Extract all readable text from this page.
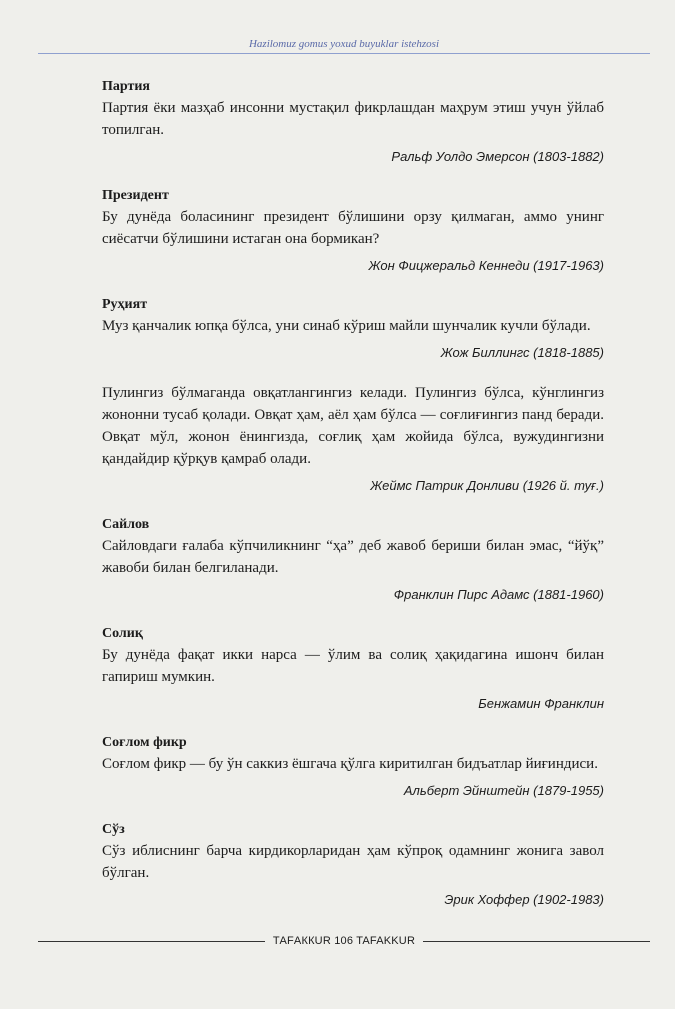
Hazilomuz gomus yoxud buyuklar istehzosi

Партия

Партия ёки мазҳаб инсонни мустақил фикрлашдан маҳрум этиш учун ўйлаб топилган.

Ральф Уолдо Эмерсон (1803-1882)

Президент

Бу дунёда боласининг президент бўлишини орзу қилмаган, аммо унинг сиёсатчи бўлишини истаган она бормикан?

Жон Фицжеральд Кеннеди (1917-1963)

Руҳият

Муз қанчалик юпқа бўлса, уни синаб кўриш майли шунчалик кучли бўлади.

Жож Биллингс (1818-1885)

Пулингиз бўлмаганда овқатлангингиз келади. Пулингиз бўлса, кўнглингиз жононни тусаб қолади. Овқат ҳам, аёл ҳам бўлса — соғлиғингиз панд беради. Овқат мўл, жонон ёнингизда, соғлиқ ҳам жойида бўлса, вужудингизни қандайдир қўрқув қамраб олади.

Жеймс Патрик Донливи (1926 й. туғ.)

Сайлов

Сайловдаги ғалаба кўпчиликнинг “ҳа” деб жавоб бериши билан эмас, “йўқ” жавоби билан белгиланади.

Франклин Пирс Адамс (1881-1960)

Солиқ

Бу дунёда фақат икки нарса — ўлим ва солиқ ҳақидагина ишонч билан гапириш мумкин.

Бенжамин Франклин

Соғлом фикр

Соғлом фикр — бу ўн саккиз ёшгача қўлга киритилган бидъатлар йиғиндиси.

Альберт Эйнштейн (1879-1955)

Сўз

Сўз иблиснинг барча кирдикорларидан ҳам кўпроқ одамнинг жонига завол бўлган.

Эрик Хоффер (1902-1983)
ТАFАККUR 106 TAFAKKUR
